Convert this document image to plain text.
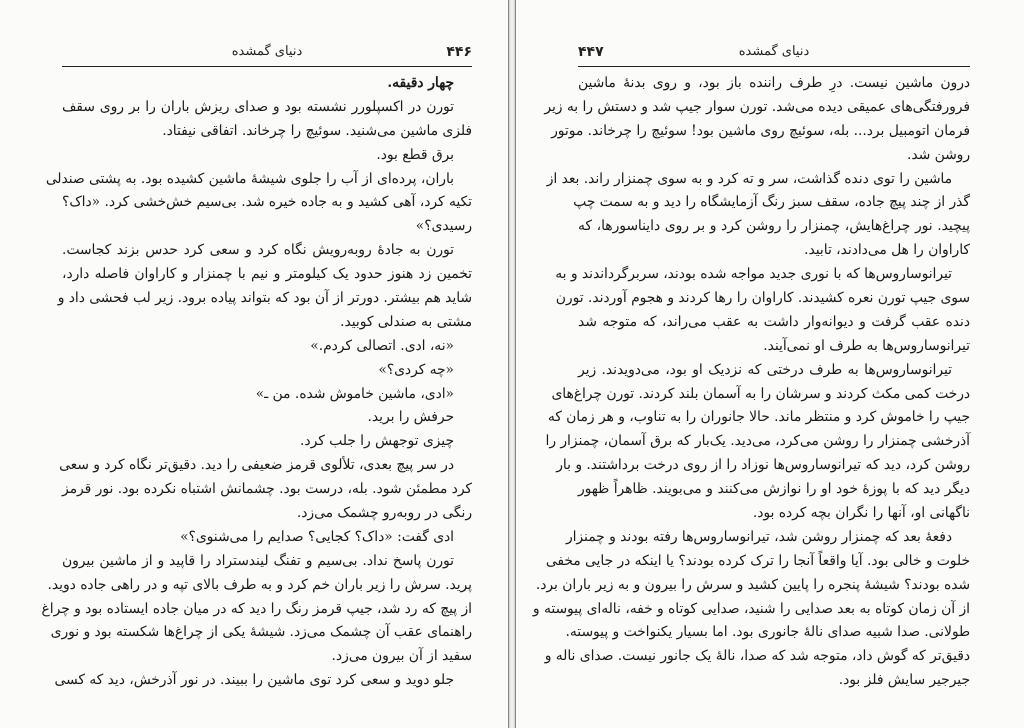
دنیای گمشده	۴۴۶
چهار دقیقه.
تورن در اکسپلورر نشسته بود و صدای ریزش باران را بر روی سقف
فلزی ماشین می‌شنید. سوئیچ را چرخاند. اتفاقی نیفتاد.
برق قطع بود.
باران، پرده‌ای از آب را جلوی شیشهٔ ماشین کشیده بود. به پشتی صندلی
تکیه کرد، آهی کشید و به جاده خیره شد. بی‌سیم خش‌خشی کرد. «داک؟
رسیدی؟»
تورن به جادهٔ روبه‌رویش نگاه کرد و سعی کرد حدس بزند کجاست.
تخمین زد هنوز حدود یک کیلومتر و نیم با چمنزار و کاراوان فاصله دارد،
شاید هم بیشتر. دورتر از آن بود که بتواند پیاده برود. زیر لب فحشی داد و
مشتی به صندلی کوبید.
«نه، ادی. اتصالی کردم.»
«چه کردی؟»
«ادی، ماشین خاموش شده. من ـ»
حرفش را برید.
چیزی توجهش را جلب کرد.
در سر پیچ بعدی، تلألوی قرمز ضعیفی را دید. دقیق‌تر نگاه کرد و سعی
کرد مطمئن شود. بله، درست بود. چشمانش اشتباه نکرده بود. نور قرمز
رنگی در روبه‌رو چشمک می‌زد.
ادی گفت: «داک؟ کجایی؟ صدایم را می‌شنوی؟»
تورن پاسخ نداد. بی‌سیم و تفنگ لیندستراد را قاپید و از ماشین بیرون
پرید. سرش را زیر باران خم کرد و به طرف بالای تپه و در راهی جاده دوید.
از پیچ که رد شد، جیپ قرمز رنگ را دید که در میان جاده ایستاده بود و چراغ
راهنمای عقب آن چشمک می‌زد. شیشهٔ یکی از چراغ‌ها شکسته بود و نوری
سفید از آن بیرون می‌زد.
جلو دوید و سعی کرد توی ماشین را ببیند. در نور آذرخش، دید که کسی
دنیای گمشده
۴۴۷
درون ماشین نیست. درِ طرف راننده باز بود، و روی بدنهٔ ماشین
فرورفتگی‌های عمیقی دیده می‌شد. تورن سوار جیپ شد و دستش را به زیر
فرمان اتومبیل برد... بله، سوئیچ روی ماشین بود! سوئیچ را چرخاند. موتور
روشن شد.
ماشین را توی دنده گذاشت، سر و ته کرد و به سوی چمنزار راند. بعد از
گذر از چند پیچ جاده، سقف سبز رنگ آزمایشگاه را دید و به سمت چپ
پیچید. نور چراغ‌هایش، چمنزار را روشن کرد و بر روی دایناسورها، که
کاراوان را هل می‌دادند، تابید.
تیرانوساروس‌ها که با نوری جدید مواجه شده بودند، سربرگرداندند و به
سوی جیپ تورن نعره کشیدند. کاراوان را رها کردند و هجوم آوردند. تورن
دنده عقب گرفت و دیوانه‌وار داشت به عقب می‌راند، که متوجه شد
تیرانوساروس‌ها به طرف او نمی‌آیند.
تیرانوساروس‌ها به طرف درختی که نزدیک او بود، می‌دویدند. زیر
درخت کمی مکث کردند و سرشان را به آسمان بلند کردند. تورن چراغ‌های
جیپ را خاموش کرد و منتظر ماند. حالا جانوران را به تناوب، و هر زمان که
آذرخشی چمنزار را روشن می‌کرد، می‌دید. یک‌بار که برق آسمان، چمنزار را
روشن کرد، دید که تیرانوساروس‌ها نوزاد را از روی درخت برداشتند. و بار
دیگر دید که با پوزهٔ خود او را نوازش می‌کنند و می‌بویند. ظاهراً ظهور
ناگهانی او، آنها را نگران بچه کرده بود.
دفعهٔ بعد که چمنزار روشن شد، تیرانوساروس‌ها رفته بودند و چمنزار
خلوت و خالی بود. آیا واقعاً آنجا را ترک کرده بودند؟ یا اینکه در جایی مخفی
شده بودند؟ شیشهٔ پنجره را پایین کشید و سرش را بیرون و به زیر باران برد.
از آن زمان کوتاه به بعد صدایی را شنید، صدایی کوتاه و خفه، ناله‌ای پیوسته و
طولانی. صدا شبیه صدای نالهٔ جانوری بود. اما بسیار یکنواخت و پیوسته.
دقیق‌تر که گوش داد، متوجه شد که صدا، نالهٔ یک جانور نیست. صدای ناله و
جیرجیر سایش فلز بود.
